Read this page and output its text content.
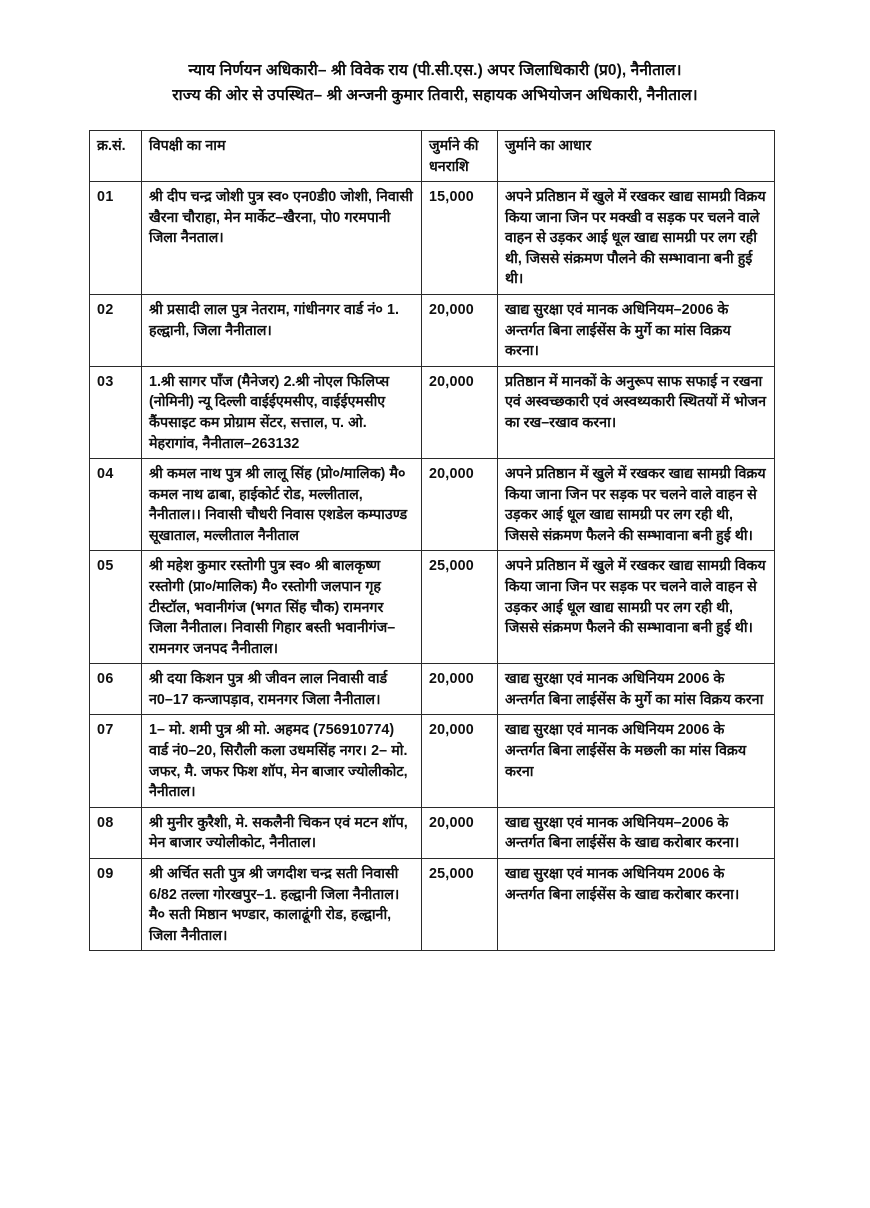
न्याय निर्णयन अधिकारी– श्री विवेक राय (पी.सी.एस.) अपर जिलाधिकारी (प्र0), नैनीताल।
राज्य की ओर से उपस्थित– श्री अन्जनी कुमार तिवारी, सहायक अभियोजन अधिकारी, नैनीताल।
क्र.सं.	विपक्षी का नाम	जुर्माने की धनराशि	जुर्माने का आधार
01	श्री दीप चन्द्र जोशी पुत्र स्व० एन0डी0 जोशी, निवासी खैरना चौराहा, मेन मार्केट–खैरना, पो0 गरमपानी जिला नैनताल।	15,000	अपने प्रतिष्ठान में खुले में रखकर खाद्य सामग्री विक्रय किया जाना जिन पर मक्खी व सड़क पर चलने वाले वाहन से उड़कर आई धूल खाद्य सामग्री पर लग रही थी, जिससे संक्रमण पौलने की सम्भावाना बनी हुई थी।
02	श्री प्रसादी लाल पुत्र नेतराम, गांधीनगर वार्ड नं० 1. हल्द्वानी, जिला नैनीताल।	20,000	खाद्य सुरक्षा एवं मानक अधिनियम–2006 के अन्तर्गत बिना लाईसेंस के मुर्गे का मांस विक्रय करना।
03	1.श्री सागर पॉंज (मैनेजर) 2.श्री नोएल फिलिप्स (नोमिनी) न्यू दिल्ली वाईईएमसीए, वाईईएमसीए कैंपसाइट कम प्रोग्राम सेंटर, सत्ताल, प. ओ. मेहरागांव, नैनीताल–263132	20,000	प्रतिष्ठान में मानकों के अनुरूप साफ सफाई न रखना एवं अस्वच्छकारी एवं अस्वथ्यकारी स्थितयों में भोजन का रख–रखाव करना।
04	श्री कमल नाथ पुत्र श्री लालू सिंह (प्रो०/मालिक) मै० कमल नाथ ढाबा, हाईकोर्ट रोड, मल्लीताल, नैनीताल।। निवासी चौधरी निवास एशडेल कम्पाउण्ड सूखाताल, मल्लीताल नैनीताल	20,000	अपने प्रतिष्ठान में खुले में रखकर खाद्य सामग्री विक्रय किया जाना जिन पर सड़क पर चलने वाले वाहन से उड़कर आई धूल खाद्य सामग्री पर लग रही थी, जिससे संक्रमण फैलने की सम्भावाना बनी हुई थी।
05	श्री महेश कुमार रस्तोगी पुत्र स्व० श्री बालकृष्ण रस्तोगी (प्रा०/मालिक) मै० रस्तोगी जलपान गृह टीस्टॉल, भवानीगंज (भगत सिंह चौक) रामनगर जिला नैनीताल। निवासी गिहार बस्ती भवानीगंज–रामनगर जनपद नैनीताल।	25,000	अपने प्रतिष्ठान में खुले में रखकर खाद्य सामग्री विकय किया जाना जिन पर सड़क पर चलने वाले वाहन से उड़कर आई धूल खाद्य सामग्री पर लग रही थी, जिससे संक्रमण फैलने की सम्भावाना बनी हुई थी।
06	श्री दया किशन पुत्र श्री जीवन लाल निवासी वार्ड न0–17 कन्जापड़ाव, रामनगर जिला नैनीताल।	20,000	खाद्य सुरक्षा एवं मानक अधिनियम 2006 के अन्तर्गत बिना लाईसेंस के मुर्गे का मांस विक्रय करना
07	1– मो. शमी पुत्र श्री मो. अहमद (756910774) वार्ड नं0–20, सिरौली कला उधमसिंह नगर। 2– मो. जफर, मै. जफर फिश शॉप, मेन बाजार ज्योलीकोट, नैनीताल।	20,000	खाद्य सुरक्षा एवं मानक अधिनियम 2006 के अन्तर्गत बिना लाईसेंस के मछली का मांस विक्रय करना
08	श्री मुनीर कुरैशी, मे. सकलैनी चिकन एवं मटन शॉप, मेन बाजार ज्योलीकोट, नैनीताल।	20,000	खाद्य सुरक्षा एवं मानक अधिनियम–2006 के अन्तर्गत बिना लाईसेंस के खाद्य करोबार करना।
09	श्री अर्चित सती पुत्र श्री जगदीश चन्द्र सती निवासी 6/82 तल्ला गोरखपुर–1. हल्द्वानी जिला नैनीताल। मै० सती मिष्ठान भण्डार, कालाढूंगी रोड, हल्द्वानी, जिला नैनीताल।	25,000	खाद्य सुरक्षा एवं मानक अधिनियम 2006 के अन्तर्गत बिना लाईसेंस के खाद्य करोबार करना।
